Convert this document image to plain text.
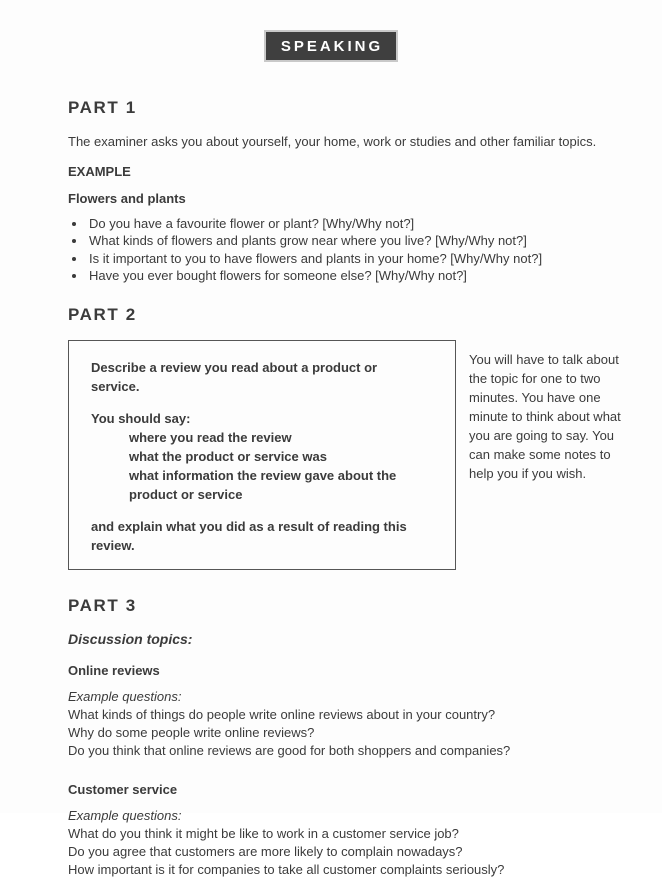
SPEAKING
PART 1

The examiner asks you about yourself, your home, work or studies and other familiar topics.

EXAMPLE

Flowers and plants

• Do you have a favourite flower or plant? [Why/Why not?]
• What kinds of flowers and plants grow near where you live? [Why/Why not?]
• Is it important to you to have flowers and plants in your home? [Why/Why not?]
• Have you ever bought flowers for someone else? [Why/Why not?]
PART 2

Describe a review you read about a product or service.

You should say:

where you read the review

what the product or service was

what information the review gave about the product or service

and explain what you did as a result of reading this review.

You will have to talk about the topic for one to two minutes. You have one minute to think about what you are going to say. You can make some notes to help you if you wish.
PART 3

Discussion topics:

Online reviews

Example questions:

What kinds of things do people write online reviews about in your country?

Why do some people write online reviews?

Do you think that online reviews are good for both shoppers and companies?

Customer service

Example questions:

What do you think it might be like to work in a customer service job?

Do you agree that customers are more likely to complain nowadays?

How important is it for companies to take all customer complaints seriously?
